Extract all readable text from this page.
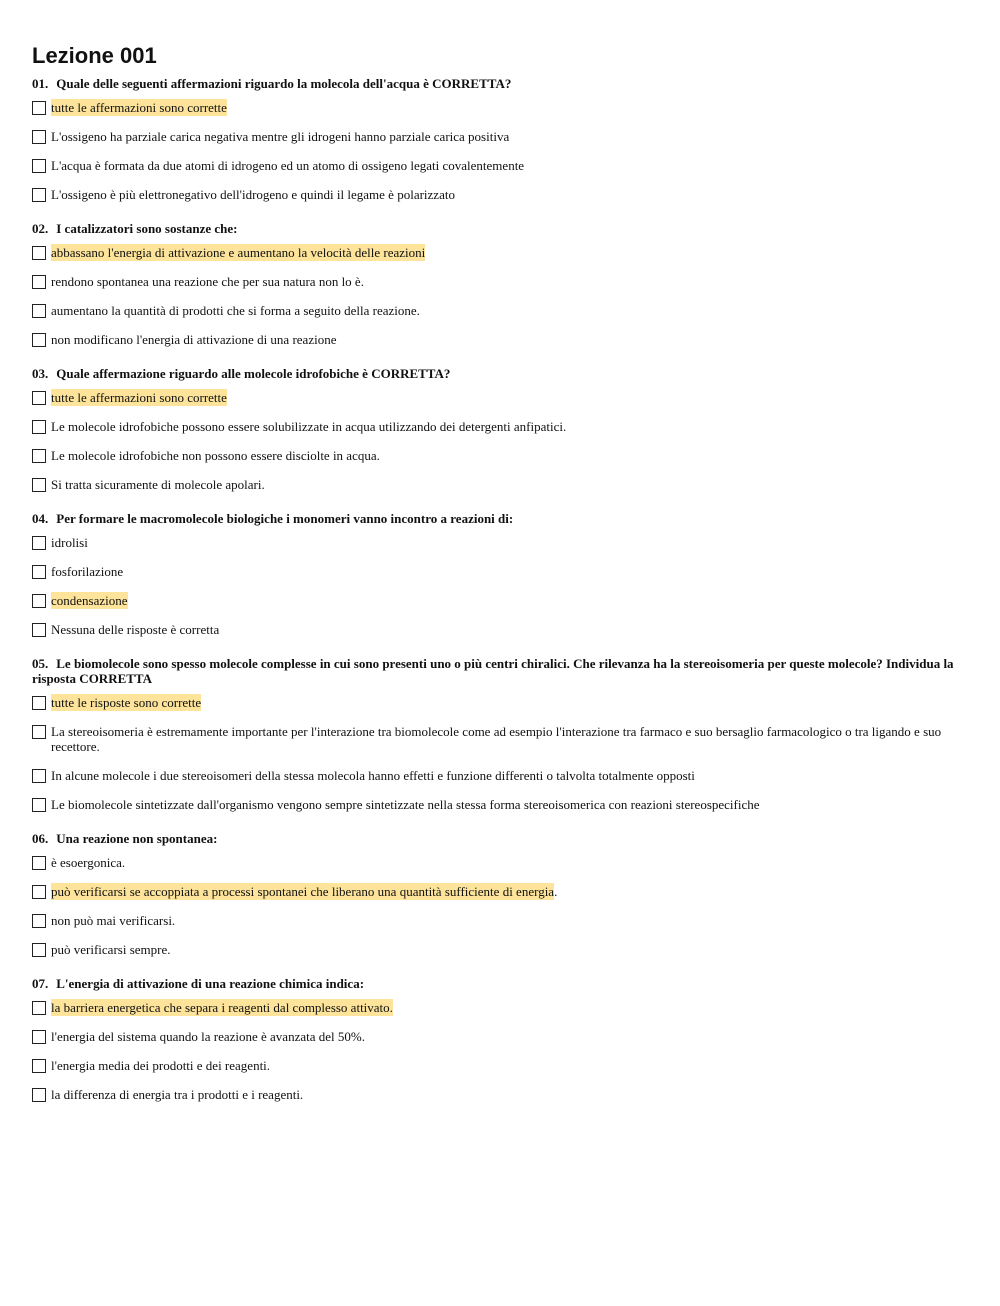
Lezione 001
01. Quale delle seguenti affermazioni riguardo la molecola dell'acqua è CORRETTA?
tutte le affermazioni sono corrette
L'ossigeno ha parziale carica negativa mentre gli idrogeni hanno parziale carica positiva
L'acqua è formata da due atomi di idrogeno ed un atomo di ossigeno legati covalentemente
L'ossigeno è più elettronegativo dell'idrogeno e quindi il legame è polarizzato
02. I catalizzatori sono sostanze che:
abbassano l'energia di attivazione e aumentano la velocità delle reazioni
rendono spontanea una reazione che per sua natura non lo è.
aumentano la quantità di prodotti che si forma a seguito della reazione.
non modificano l'energia di attivazione di una reazione
03. Quale affermazione riguardo alle molecole idrofobiche è CORRETTA?
tutte le affermazioni sono corrette
Le molecole idrofobiche possono essere solubilizzate in acqua utilizzando dei detergenti anfipatici.
Le molecole idrofobiche non possono essere disciolte in acqua.
Si tratta sicuramente di molecole apolari.
04. Per formare le macromolecole biologiche i monomeri vanno incontro a reazioni di:
idrolisi
fosforilazione
condensazione
Nessuna delle risposte è corretta
05. Le biomolecole sono spesso molecole complesse in cui sono presenti uno o più centri chiralici. Che rilevanza ha la stereoisomeria per queste molecole? Individua la risposta CORRETTA
tutte le risposte sono corrette
La stereoisomeria è estremamente importante per l'interazione tra biomolecole come ad esempio l'interazione tra farmaco e suo bersaglio farmacologico o tra ligando e suo recettore.
In alcune molecole i due stereoisomeri della stessa molecola hanno effetti e funzione differenti o talvolta totalmente opposti
Le biomolecole sintetizzate dall'organismo vengono sempre sintetizzate nella stessa forma stereoisomerica con reazioni stereospecifiche
06. Una reazione non spontanea:
è esoergonica.
può verificarsi se accoppiata a processi spontanei che liberano una quantità sufficiente di energia.
non può mai verificarsi.
può verificarsi sempre.
07. L'energia di attivazione di una reazione chimica indica:
la barriera energetica che separa i reagenti dal complesso attivato.
l'energia del sistema quando la reazione è avanzata del 50%.
l'energia media dei prodotti e dei reagenti.
la differenza di energia tra i prodotti e i reagenti.
